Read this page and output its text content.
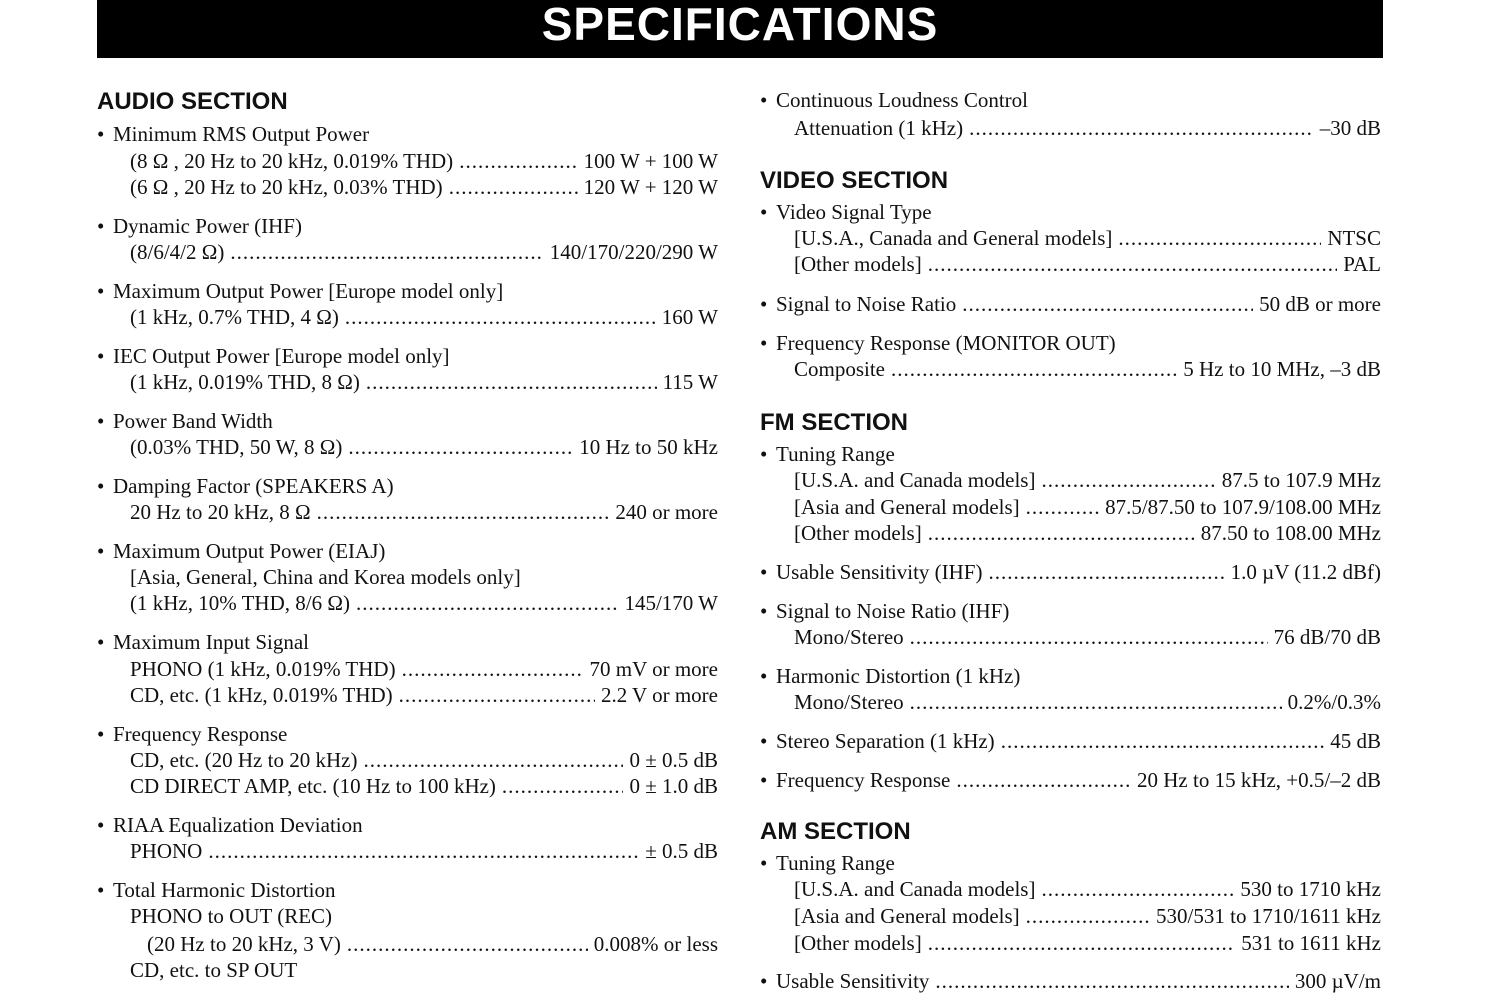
SPECIFICATIONS
AUDIO SECTION
• Minimum RMS Output Power
(8 Ω , 20 Hz to 20 kHz, 0.019% THD) .....	100 W + 100 W
(6 Ω , 20 Hz to 20 kHz, 0.03% THD) .....	120 W + 120 W
• Dynamic Power (IHF)
(8/6/4/2 Ω) .....	140/170/220/290 W
• Maximum Output Power [Europe model only]
(1 kHz, 0.7% THD, 4 Ω) .....	160 W
• IEC Output Power [Europe model only]
(1 kHz, 0.019% THD, 8 Ω) .....	115 W
• Power Band Width
(0.03% THD, 50 W, 8 Ω) .....	10 Hz to 50 kHz
• Damping Factor (SPEAKERS A)
20 Hz to 20 kHz, 8 Ω .....	240 or more
• Maximum Output Power (EIAJ)
[Asia, General, China and Korea models only]
(1 kHz, 10% THD, 8/6 Ω) .....	145/170 W
• Maximum Input Signal
PHONO (1 kHz, 0.019% THD) .....	70 mV or more
CD, etc. (1 kHz, 0.019% THD) .....	2.2 V or more
• Frequency Response
CD, etc. (20 Hz to 20 kHz) .....	0 ± 0.5 dB
CD DIRECT AMP, etc. (10 Hz to 100 kHz) .....	0 ± 1.0 dB
• RIAA Equalization Deviation
PHONO .....	± 0.5 dB
• Total Harmonic Distortion
PHONO to OUT (REC)
(20 Hz to 20 kHz, 3 V) .....	0.008% or less
CD, etc. to SP OUT
• Continuous Loudness Control
Attenuation (1 kHz) .....	–30 dB
VIDEO SECTION
• Video Signal Type
[U.S.A., Canada and General models] .....	NTSC
[Other models] .....	PAL
• Signal to Noise Ratio .....	50 dB or more
• Frequency Response (MONITOR OUT)
Composite .....	5 Hz to 10 MHz, –3 dB
FM SECTION
• Tuning Range
[U.S.A. and Canada models] .....	87.5 to 107.9 MHz
[Asia and General models] .....	87.5/87.50 to 107.9/108.00 MHz
[Other models] .....	87.50 to 108.00 MHz
• Usable Sensitivity (IHF) .....	1.0 µV (11.2 dBf)
• Signal to Noise Ratio (IHF)
Mono/Stereo .....	76 dB/70 dB
• Harmonic Distortion (1 kHz)
Mono/Stereo .....	0.2%/0.3%
• Stereo Separation (1 kHz) .....	45 dB
• Frequency Response .....	20 Hz to 15 kHz, +0.5/–2 dB
AM SECTION
• Tuning Range
[U.S.A. and Canada models] .....	530 to 1710 kHz
[Asia and General models] .....	530/531 to 1710/1611 kHz
[Other models] .....	531 to 1611 kHz
• Usable Sensitivity .....	300 µV/m
